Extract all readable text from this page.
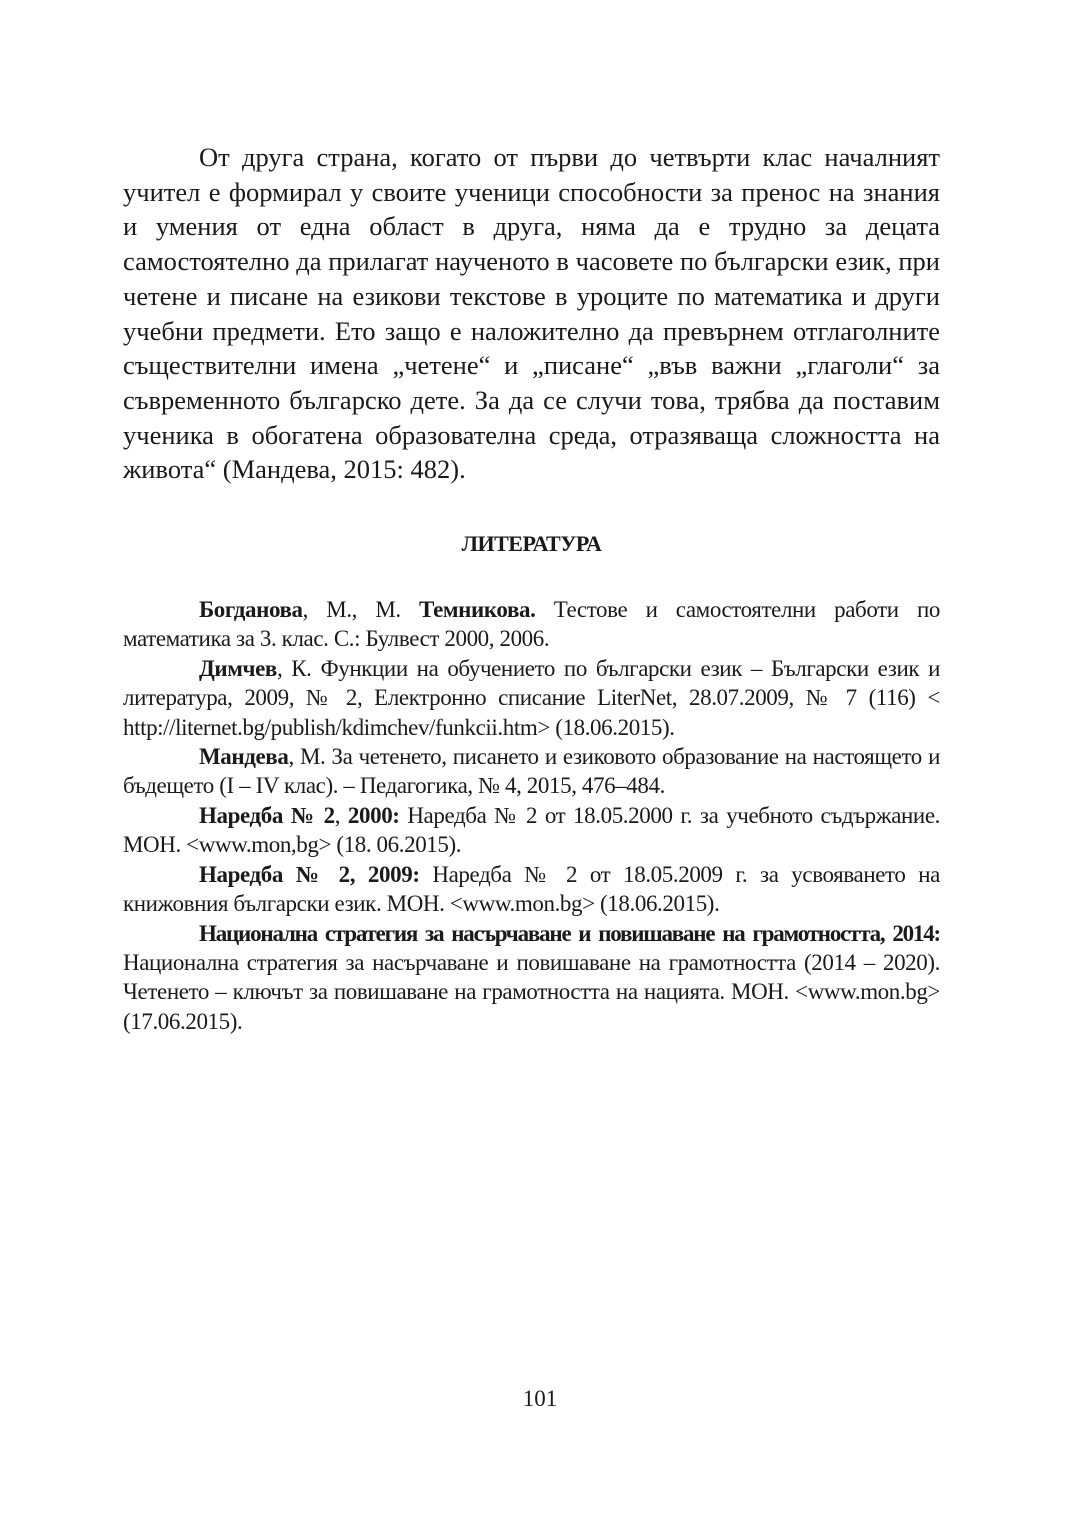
От друга страна, когато от първи до четвърти клас началният учител е формирал у своите ученици способности за пренос на знания и умения от една област в друга, няма да е трудно за децата самостоятелно да прилагат наученото в часовете по български език, при четене и писане на езикови текстове в уроците по математика и други учебни предмети. Ето защо е наложително да превърнем отглаголните съществителни имена „четене“ и „писане“ „във важни „глаголи“ за съвременното българско дете. За да се случи това, трябва да поставим ученика в обогатена образователна среда, отразяваща сложността на живота“ (Мандева, 2015: 482).

ЛИТЕРАТУРА
Богданова, М., М. Темникова. Тестове и самостоятелни работи по математика за 3. клас. С.: Булвест 2000, 2006.
Димчев, К. Функции на обучението по български език – Български език и литература, 2009, № 2, Електронно списание LiterNet, 28.07.2009, № 7 (116) < http://liternet.bg/publish/kdimchev/funkcii.htm> (18.06.2015).
Мандева, М. За четенето, писането и езиковото образование на настоящето и бъдещето (I – IV клас). – Педагогика, № 4, 2015, 476–484.
Наредба № 2, 2000: Наредба № 2 от 18.05.2000 г. за учебното съдържание. МОН. <www.mon,bg> (18. 06.2015).
Наредба № 2, 2009: Наредба № 2 от 18.05.2009 г. за усвояването на книжовния български език. МОН. <www.mon.bg> (18.06.2015).
Национална стратегия за насърчаване и повишаване на грамотността, 2014: Национална стратегия за насърчаване и повишаване на грамотността (2014 – 2020). Четенето – ключът за повишаване на грамотността на нацията. МОН. <www.mon.bg> (17.06.2015).
101
